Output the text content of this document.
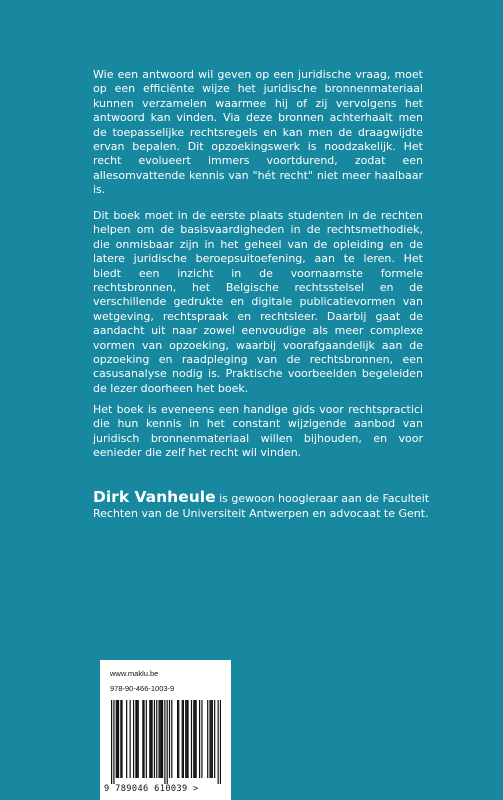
Wie een antwoord wil geven op een juridische vraag, moet op een efficiënte wijze het juridische bronnenmateriaal kunnen verzamelen waarmee hij of zij vervolgens het antwoord kan vinden. Via deze bronnen achterhaalt men de toepasselijke rechtsregels en kan men de draagwijdte ervan bepalen. Dit opzoekingswerk is noodzakelijk. Het recht evolueert immers voortdurend, zodat een allesomvattende kennis van "hét recht" niet meer haalbaar is.

Dit boek moet in de eerste plaats studenten in de rechten helpen om de basisvaardigheden in de rechtsmethodiek, die onmisbaar zijn in het geheel van de opleiding en de latere juridische beroepsuitoefening, aan te leren. Het biedt een inzicht in de voornaamste formele rechtsbronnen, het Belgische rechtsstelsel en de verschillende gedrukte en digitale publicatievormen van wetgeving, rechtspraak en rechtsleer. Daarbij gaat de aandacht uit naar zowel eenvoudige als meer complexe vormen van opzoeking, waarbij voorafgaandelijk aan de opzoeking en raadpleging van de rechtsbronnen, een casusanalyse nodig is. Praktische voorbeelden begeleiden de lezer doorheen het boek.

Het boek is eveneens een handige gids voor rechtspractici die hun kennis in het constant wijzigende aanbod van juridisch bronnenmateriaal willen bijhouden, en voor eenieder die zelf het recht wil vinden.

Dirk Vanheule is gewoon hoogleraar aan de Faculteit Rechten van de Universiteit Antwerpen en advocaat te Gent.
www.maklu.be
978-90-466-1003-9
9 789046 610039 >
